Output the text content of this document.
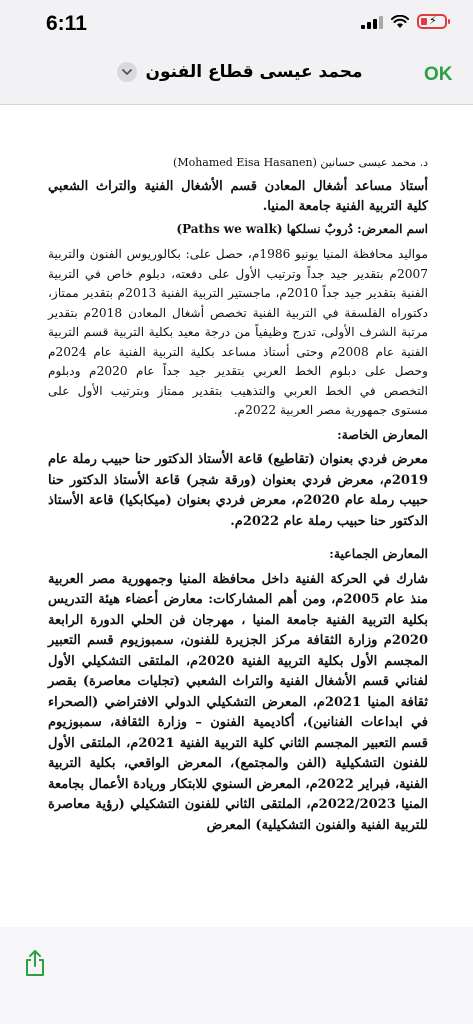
6:11	⚡
محمد عيسى قطاع الفنون	OK

د. محمد عيسى حسانين (Mohamed Eisa Hasanen)

أستاذ مساعد أشغال المعادن قسم الأشغال الفنية والتراث الشعبي كلية التربية الفنية جامعة المنيا.

اسم المعرض: دُروبٌ نسلكها (Paths we walk)

مواليد محافظة المنيا يونيو 1986م، حصل على: بكالوريوس الفنون والتربية 2007م بتقدير جيد جداً وترتيب الأول على دفعته، دبلوم خاص في التربية الفنية بتقدير جيد جداً 2010م، ماجستير التربية الفنية 2013م بتقدير ممتاز، دكتوراه الفلسفة في التربية الفنية تخصص أشغال المعادن 2018م بتقدير مرتبة الشرف الأولى، تدرج وظيفياً من درجة معيد بكلية التربية قسم التربية الفنية عام 2008م وحتى أستاذ مساعد بكلية التربية الفنية عام 2024م وحصل على دبلوم الخط العربي بتقدير جيد جداً عام 2020م ودبلوم التخصص في الخط العربي والتذهيب بتقدير ممتاز وبترتيب الأول على مستوى جمهورية مصر العربية 2022م.

المعارض الخاصة:

معرض فردي بعنوان (تقاطيع) قاعة الأستاذ الدكتور حنا حبيب رملة عام 2019م، معرض فردي بعنوان (ورقة شجر) قاعة الأستاذ الدكتور حنا حبيب رملة عام 2020م، معرض فردي بعنوان (ميكابكيا) قاعة الأستاذ الدكتور حنا حبيب رملة عام 2022م.

المعارض الجماعية:

شارك في الحركة الفنية داخل محافظة المنيا وجمهورية مصر العربية منذ عام 2005م، ومن أهم المشاركات: معارض أعضاء هيئة التدريس بكلية التربية الفنية جامعة المنيا ، مهرجان فن الحلي الدورة الرابعة 2020م وزارة الثقافة مركز الجزيرة للفنون، سمبوزيوم قسم التعبير المجسم الأول بكلية التربية الفنية 2020م، الملتقى التشكيلي الأول لفناني قسم الأشغال الفنية والتراث الشعبي (تجليات معاصرة) بقصر ثقافة المنيا 2021م، المعرض التشكيلي الدولي الافتراضي (الصحراء في ابداعات الفنانين)، أكاديمية الفنون – وزارة الثقافة، سمبوزيوم قسم التعبير المجسم الثاني كلية التربية الفنية 2021م، الملتقى الأول للفنون التشكيلية (الفن والمجتمع)، المعرض الواقعي، بكلية التربية الفنية، فبراير 2022م، المعرض السنوي للابتكار وريادة الأعمال بجامعة المنيا 2022/2023م، الملتقى الثاني للفنون التشكيلي (رؤية معاصرة للتربية الفنية والفنون التشكيلية) المعرض
